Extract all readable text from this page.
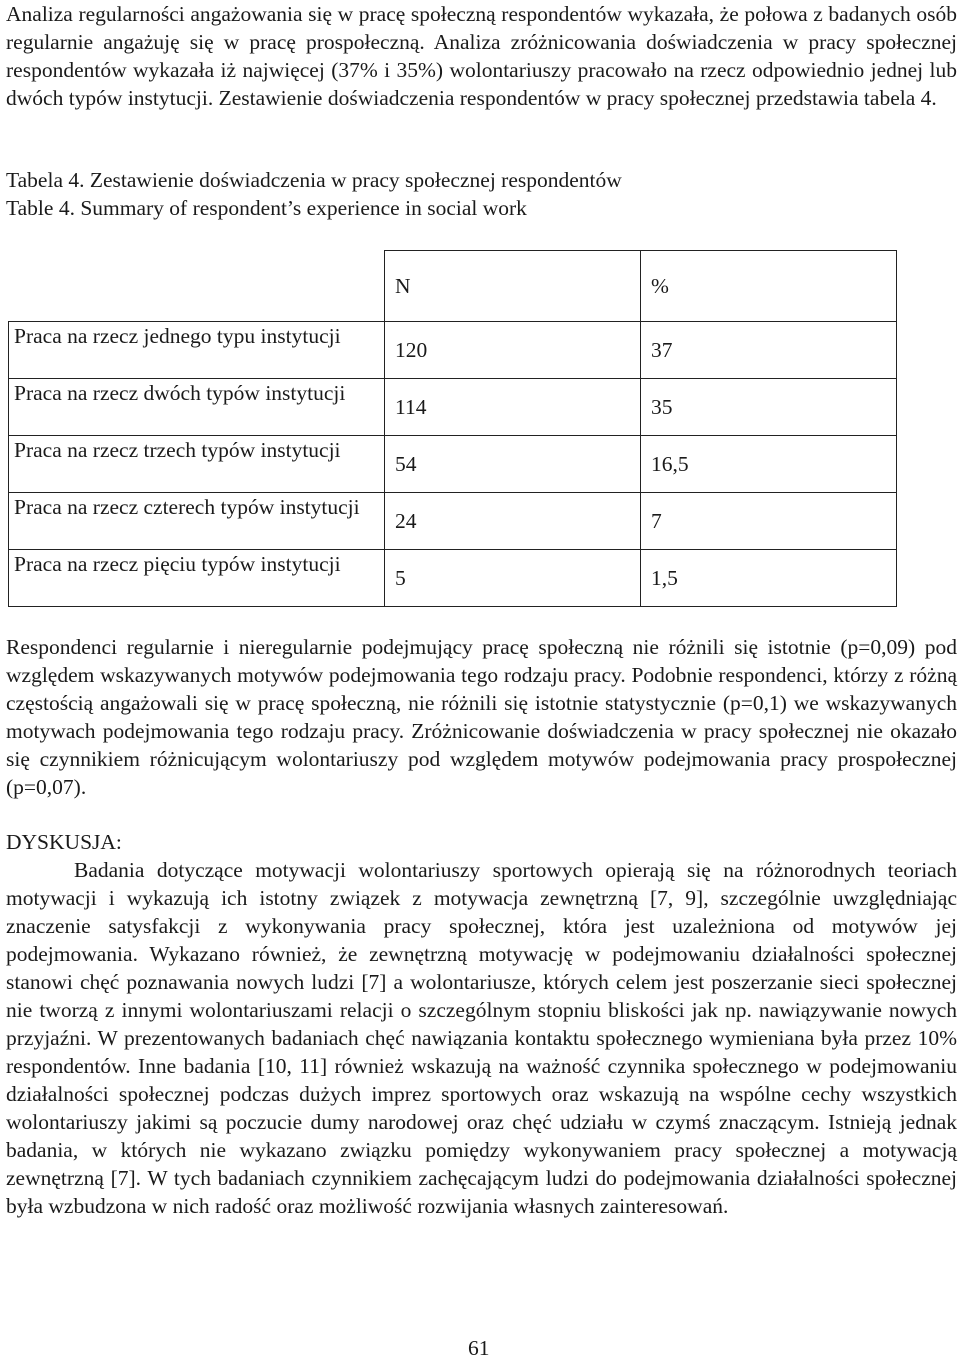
Analiza regularności angażowania się w pracę społeczną respondentów wykazała, że połowa z badanych osób regularnie angażuję się w pracę prospołeczną. Analiza zróżnicowania doświadczenia w pracy społecznej respondentów wykazała iż najwięcej (37% i 35%) wolontariuszy pracowało na rzecz odpowiednio jednej lub dwóch typów instytucji. Zestawienie doświadczenia respondentów w pracy społecznej przedstawia tabela 4.

Tabela 4. Zestawienie doświadczenia w pracy społecznej respondentów

Table 4. Summary of respondent’s experience in social work

	N	%
Praca na rzecz jednego typu instytucji	120	37
Praca na rzecz dwóch typów instytucji	114	35
Praca na rzecz trzech typów instytucji	54	16,5
Praca na rzecz czterech typów instytucji	24	7
Praca na rzecz pięciu typów instytucji	5	1,5

Respondenci regularnie i nieregularnie podejmujący pracę społeczną nie różnili się istotnie (p=0,09) pod względem wskazywanych motywów podejmowania tego rodzaju pracy. Podobnie respondenci, którzy z różną częstością angażowali się w pracę społeczną, nie różnili się istotnie statystycznie (p=0,1) we wskazywanych motywach podejmowania tego rodzaju pracy. Zróżnicowanie doświadczenia w pracy społecznej nie okazało się czynnikiem różnicującym wolontariuszy pod względem motywów podejmowania pracy prospołecznej (p=0,07).

DYSKUSJA:

Badania dotyczące motywacji wolontariuszy sportowych opierają się na różnorodnych teoriach motywacji i wykazują ich istotny związek z motywacja zewnętrzną [7, 9], szczególnie uwzględniając znaczenie satysfakcji z wykonywania pracy społecznej, która jest uzależniona od motywów jej podejmowania. Wykazano również, że zewnętrzną motywację w podejmowaniu działalności społecznej stanowi chęć poznawania nowych ludzi [7] a wolontariusze, których celem jest poszerzanie sieci społecznej nie tworzą z innymi wolontariuszami relacji o szczególnym stopniu bliskości jak np. nawiązywanie nowych przyjaźni. W prezentowanych badaniach chęć nawiązania kontaktu społecznego wymieniana była przez 10% respondentów. Inne badania [10, 11] również wskazują na ważność czynnika społecznego w podejmowaniu działalności społecznej podczas dużych imprez sportowych oraz wskazują na wspólne cechy wszystkich wolontariuszy jakimi są poczucie dumy narodowej oraz chęć udziału w czymś znaczącym. Istnieją jednak badania, w których nie wykazano związku pomiędzy wykonywaniem pracy społecznej a motywacją zewnętrzną [7]. W tych badaniach czynnikiem zachęcającym ludzi do podejmowania działalności społecznej była wzbudzona w nich radość oraz możliwość rozwijania własnych zainteresowań.

61
